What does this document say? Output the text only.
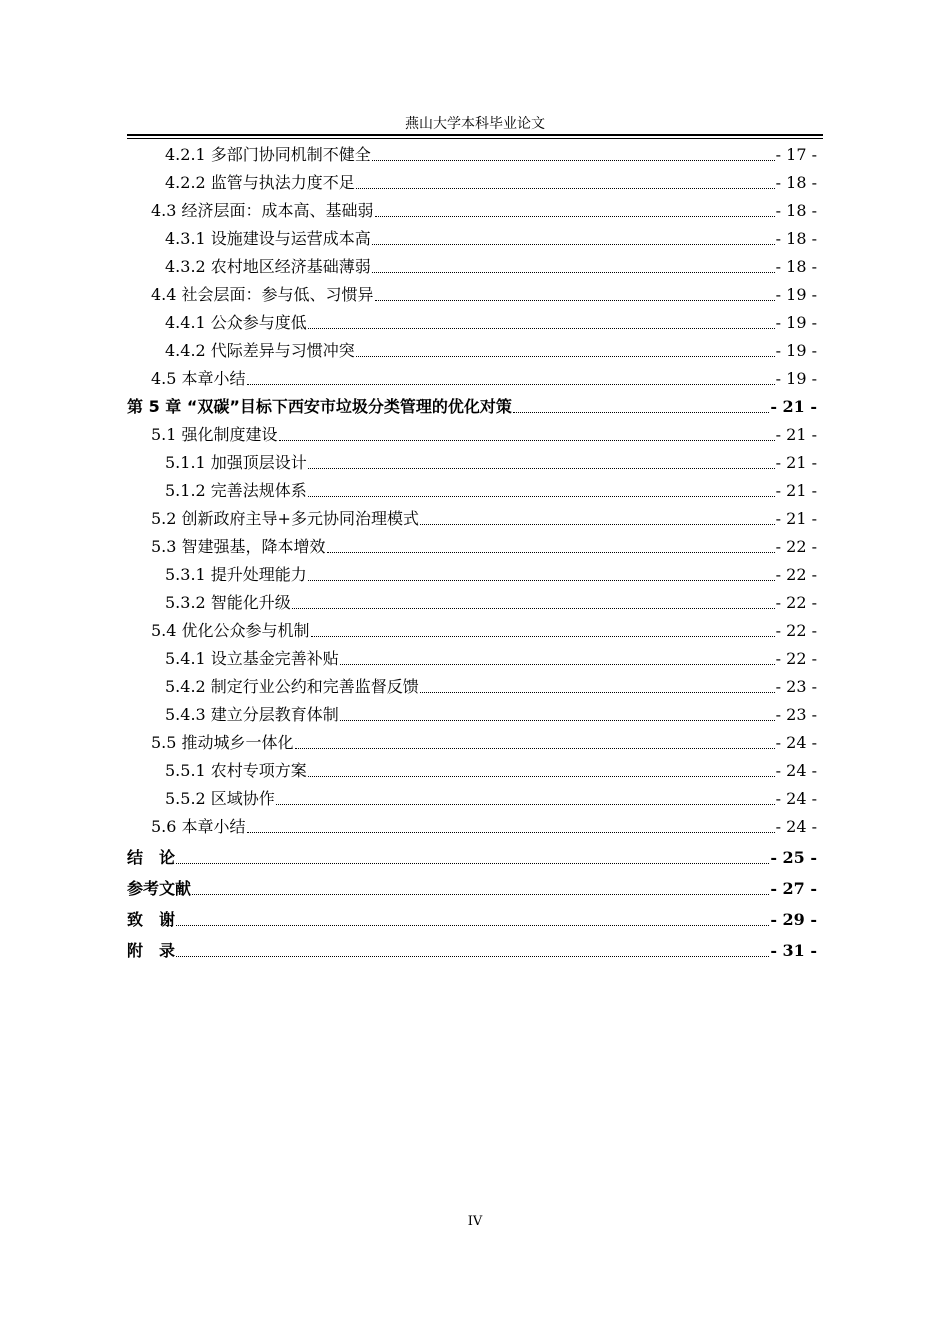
燕山大学本科毕业论文
4.2.1 多部门协同机制不健全	- 17 -
4.2.2 监管与执法力度不足	- 18 -
4.3 经济层面：成本高、基础弱	- 18 -
4.3.1 设施建设与运营成本高	- 18 -
4.3.2 农村地区经济基础薄弱	- 18 -
4.4 社会层面：参与低、习惯异	- 19 -
4.4.1 公众参与度低	- 19 -
4.4.2 代际差异与习惯冲突	- 19 -
4.5 本章小结	- 19 -
第 5 章 “双碳”目标下西安市垃圾分类管理的优化对策	- 21 -
5.1 强化制度建设	- 21 -
5.1.1 加强顶层设计	- 21 -
5.1.2 完善法规体系	- 21 -
5.2 创新政府主导+多元协同治理模式	- 21 -
5.3 智建强基，降本增效	- 22 -
5.3.1 提升处理能力	- 22 -
5.3.2 智能化升级	- 22 -
5.4 优化公众参与机制	- 22 -
5.4.1 设立基金完善补贴	- 22 -
5.4.2 制定行业公约和完善监督反馈	- 23 -
5.4.3 建立分层教育体制	- 23 -
5.5 推动城乡一体化	- 24 -
5.5.1 农村专项方案	- 24 -
5.5.2 区域协作	- 24 -
5.6 本章小结	- 24 -
结　论	- 25 -
参考文献	- 27 -
致　谢	- 29 -
附　录	- 31 -
IV
